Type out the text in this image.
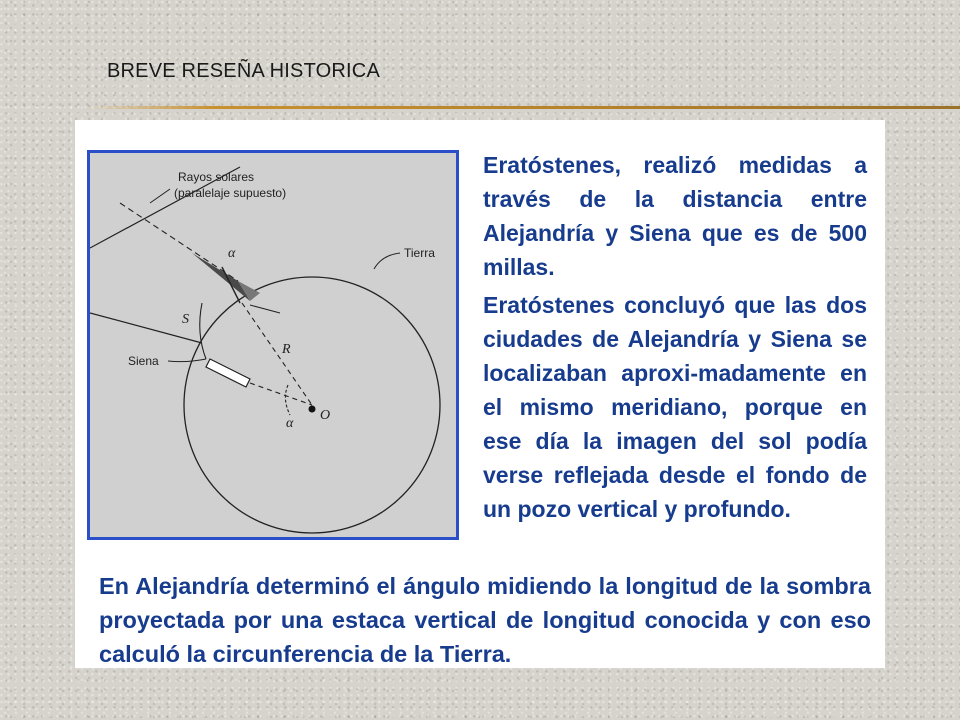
BREVE RESEÑA HISTORICA
Rayos solares
(paralelaje supuesto)
Tierra
Siena
S
R
O
α
α

Eratóstenes, realizó medidas a través de la distancia entre Alejandría y Siena que es de 500 millas.

Eratóstenes concluyó que las dos ciudades de Alejandría y Siena se localizaban aproxi-madamente en el mismo meridiano, porque en ese día la imagen del sol podía verse reflejada desde el fondo de un pozo vertical y profundo.

En Alejandría determinó el ángulo midiendo la longitud de la sombra proyectada por una estaca vertical de longitud conocida y con eso calculó la circunferencia de la Tierra.
